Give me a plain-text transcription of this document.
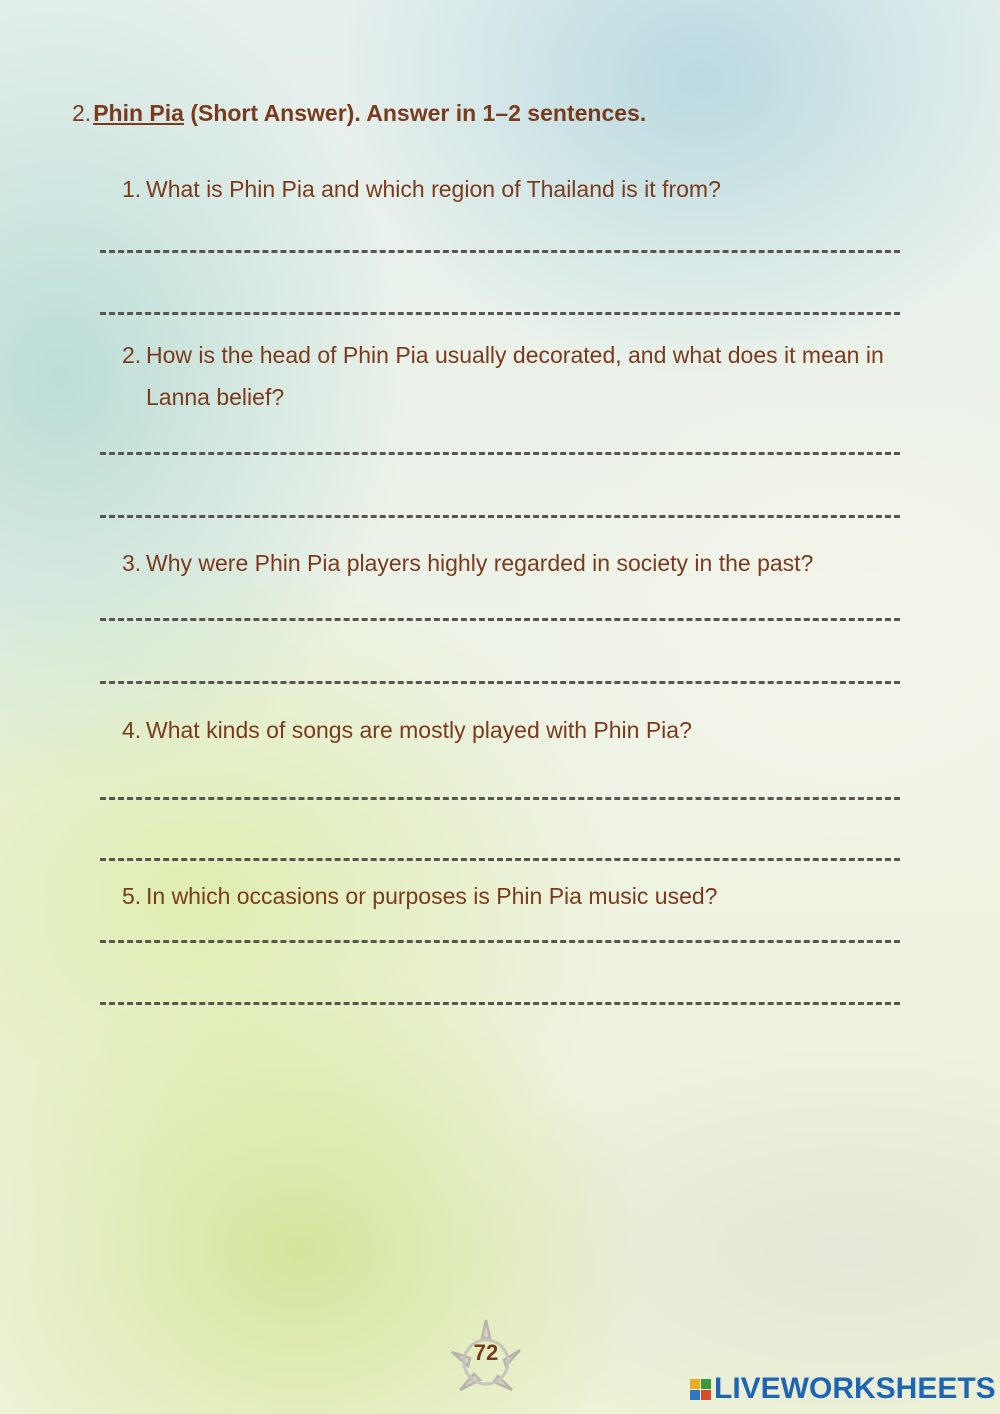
2.Phin Pia (Short Answer). Answer in 1–2 sentences.
1. What is Phin Pia and which region of Thailand is it from?
2. How is the head of Phin Pia usually decorated, and what does it mean in Lanna belief?
3. Why were Phin Pia players highly regarded in society in the past?
4. What kinds of songs are mostly played with Phin Pia?
5. In which occasions or purposes is Phin Pia music used?
72
LIVEWORKSHEETS
